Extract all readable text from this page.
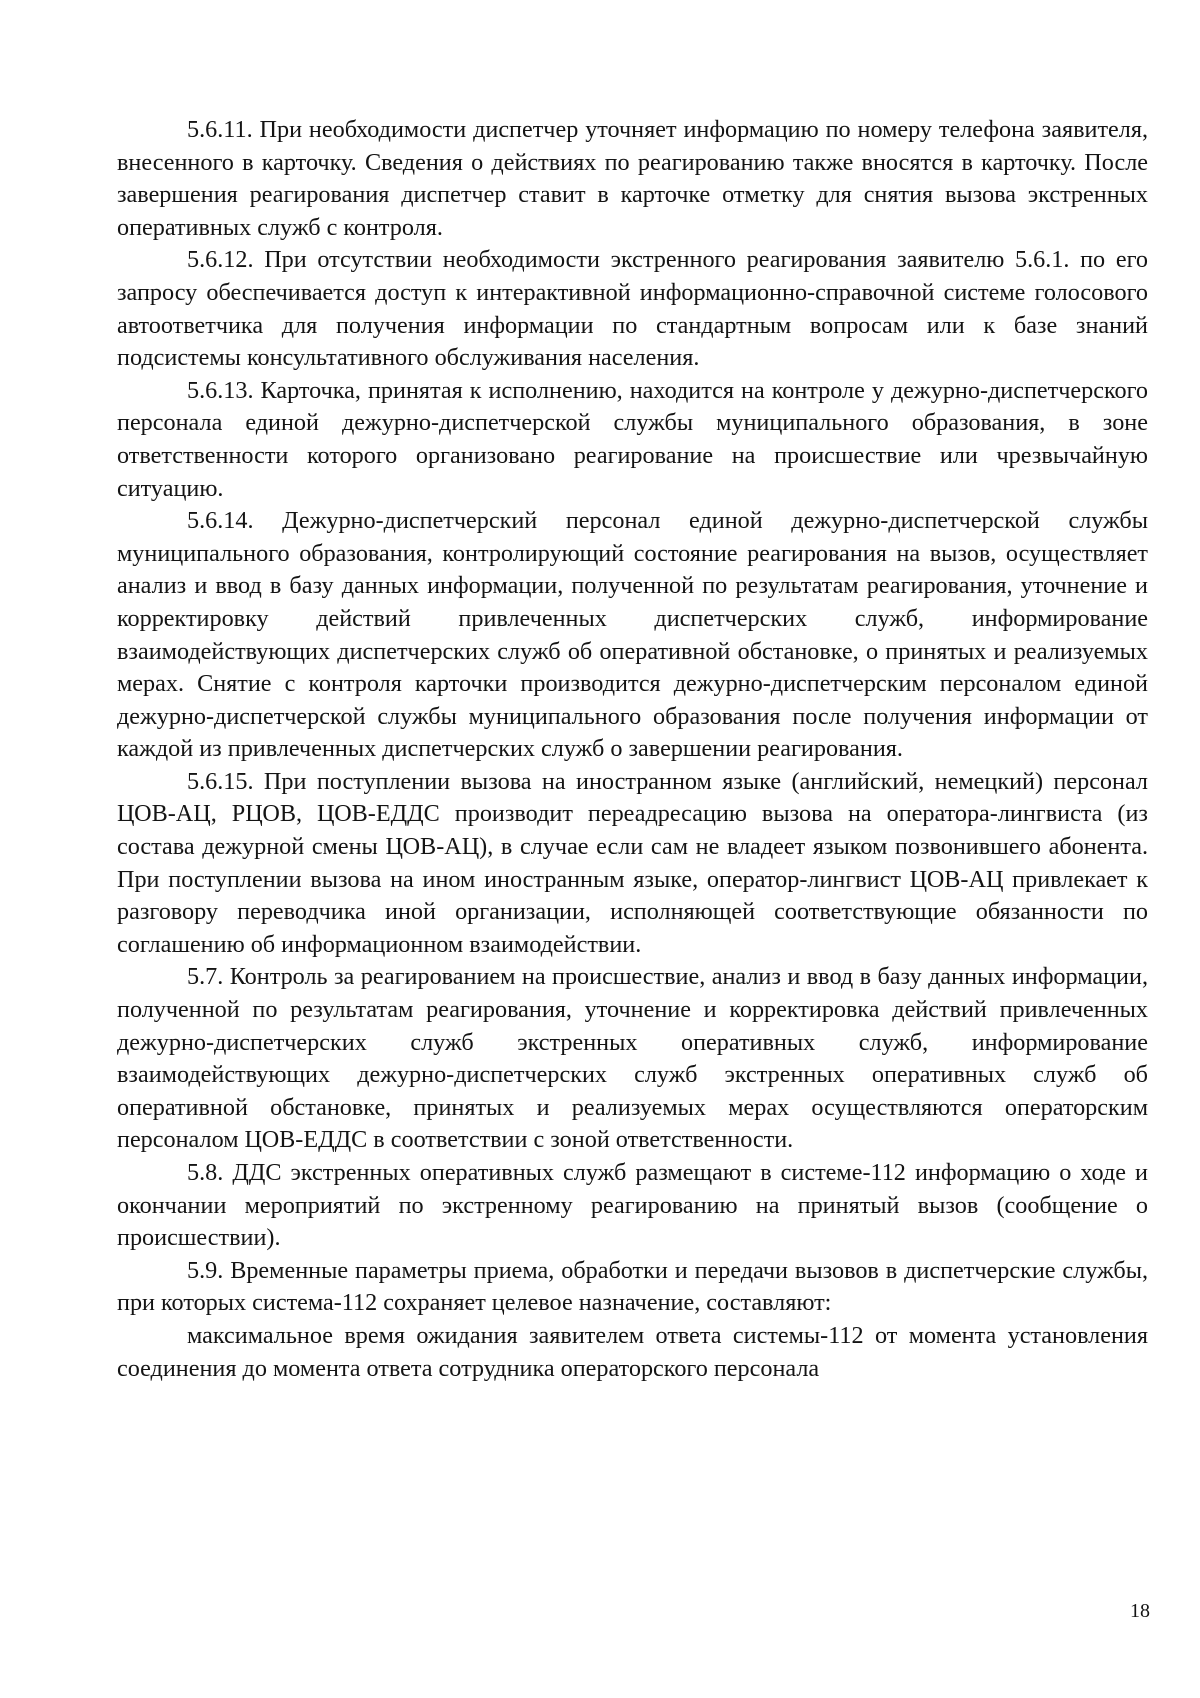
5.6.11. При необходимости диспетчер уточняет информацию по номеру телефона заявителя, внесенного в карточку. Сведения о действиях по реагированию также вносятся в карточку. После завершения реагирования диспетчер ставит в карточке отметку для снятия вызова экстренных оперативных служб с контроля.

5.6.12. При отсутствии необходимости экстренного реагирования заявителю 5.6.1. по его запросу обеспечивается доступ к интерактивной информационно-справочной системе голосового автоответчика для получения информации по стандартным вопросам или к базе знаний подсистемы консультативного обслуживания населения.

5.6.13. Карточка, принятая к исполнению, находится на контроле у дежурно-диспетчерского персонала единой дежурно-диспетчерской службы муниципального образования, в зоне ответственности которого организовано реагирование на происшествие или чрезвычайную ситуацию.

5.6.14. Дежурно-диспетчерский персонал единой дежурно-диспетчерской службы муниципального образования, контролирующий состояние реагирования на вызов, осуществляет анализ и ввод в базу данных информации, полученной по результатам реагирования, уточнение и корректировку действий привлеченных диспетчерских служб, информирование взаимодействующих диспетчерских служб об оперативной обстановке, о принятых и реализуемых мерах. Снятие с контроля карточки производится дежурно-диспетчерским персоналом единой дежурно-диспетчерской службы муниципального образования после получения информации от каждой из привлеченных диспетчерских служб о завершении реагирования.

5.6.15. При поступлении вызова на иностранном языке (английский, немецкий) персонал ЦОВ-АЦ, РЦОВ, ЦОВ-ЕДДС производит переадресацию вызова на оператора-лингвиста (из состава дежурной смены ЦОВ-АЦ), в случае если сам не владеет языком позвонившего абонента. При поступлении вызова на ином иностранным языке, оператор-лингвист ЦОВ-АЦ привлекает к разговору переводчика иной организации, исполняющей соответствующие обязанности по соглашению об информационном взаимодействии.

5.7. Контроль за реагированием на происшествие, анализ и ввод в базу данных информации, полученной по результатам реагирования, уточнение и корректировка действий привлеченных дежурно-диспетчерских служб экстренных оперативных служб, информирование взаимодействующих дежурно-диспетчерских служб экстренных оперативных служб об оперативной обстановке, принятых и реализуемых мерах осуществляются операторским персоналом ЦОВ-ЕДДС в соответствии с зоной ответственности.

5.8. ДДС экстренных оперативных служб размещают в системе-112 информацию о ходе и окончании мероприятий по экстренному реагированию на принятый вызов (сообщение о происшествии).

5.9. Временные параметры приема, обработки и передачи вызовов в диспетчерские службы, при которых система-112 сохраняет целевое назначение, составляют:

максимальное время ожидания заявителем ответа системы-112 от момента установления соединения до момента ответа сотрудника операторского персонала

18
